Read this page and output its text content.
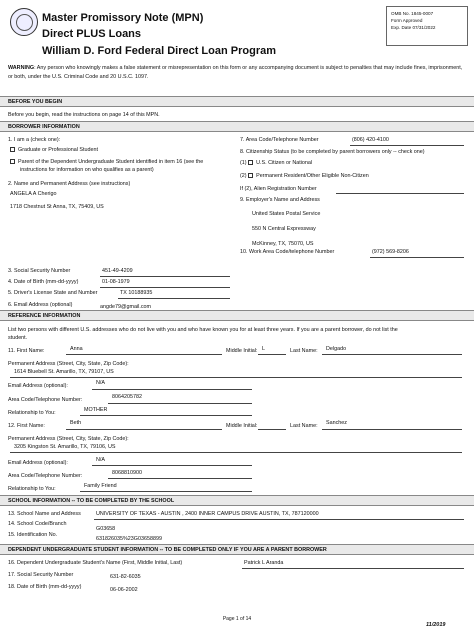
Master Promissory Note (MPN)
Direct PLUS Loans
William D. Ford Federal Direct Loan Program
OMB No. 1845-0007
Form Approved
Exp. Date 07/31/2022
WARNING: Any person who knowingly makes a false statement or misrepresentation on this form or any accompanying document is subject to penalties that may include fines, imprisonment, or both, under the U.S. Criminal Code and 20 U.S.C. 1097.
BEFORE YOU BEGIN
Before you begin, read the instructions on page 14 of this MPN.
BORROWER INFORMATION
1. I am a (check one):
Graduate or Professional Student
Parent of the Dependent Undergraduate Student identified in item 16 (see the
instructions for information on who qualifies as a parent)
2. Name and Permanent Address (see instructions)
ANGELA A Cherigo
1718 Chestnut St Anna, TX, 75409, US
3. Social Security Number	451-49-4209
4. Date of Birth (mm-dd-yyyy)	01-08-1979
5. Driver's License State and Number	TX 10188935
6. Email Address (optional)	angde79@gmail.com
7. Area Code/Telephone Number	(806) 420-4100
8. Citizenship Status (to be completed by parent borrowers only -- check one)
(1) U.S. Citizen or National
(2) Permanent Resident/Other Eligible Non-Citizen
If (2), Alien Registration Number
9. Employer's Name and Address
United States Postal Service
550 N Central Expressway
McKinney, TX, 75070, US
10. Work Area Code/telephone Number	(972) 569-8206
REFERENCE INFORMATION
List two persons with different U.S. addresses who do not live with you and who have known you for at least three years. If you are a parent borrower, do not list the
student.
11. First Name:	Anna	Middle Initial: L	Last Name: Delgado
Permanent Address (Street, City, State, Zip Code):
1614 Bluebell St. Amarillo, TX, 79107, US
Email Address (optional):	N/A
Area Code/Telephone Number:	8064205782
Relationship to You:	MOTHER
12. First Name:	Beth	Middle Initial:	Last Name: Sanchez
Permanent Address (Street, City, State, Zip Code):
3205 Kingston St. Amarillo, TX, 79106, US
Email Address (optional):	N/A
Area Code/Telephone Number:	8068810900
Relationship to You:	Family Friend
SCHOOL INFORMATION -- TO BE COMPLETED BY THE SCHOOL
13. School Name and Address	UNIVERSITY OF TEXAS - AUSTIN , 2400 INNER CAMPUS DRIVE AUSTIN, TX, 787120000
14. School Code/Branch
G03658
15. Identification No.
631826035%23G03658899
DEPENDENT UNDERGRADUATE STUDENT INFORMATION -- TO BE COMPLETED ONLY IF YOU ARE A PARENT BORROWER
16. Dependent Undergraduate Student's Name (First, Middle Initial, Last)	Patrick L Aranda
17. Social Security Number	631-82-6035
18. Date of Birth (mm-dd-yyyy)	06-06-2002
Page 1 of 14
11/2019
